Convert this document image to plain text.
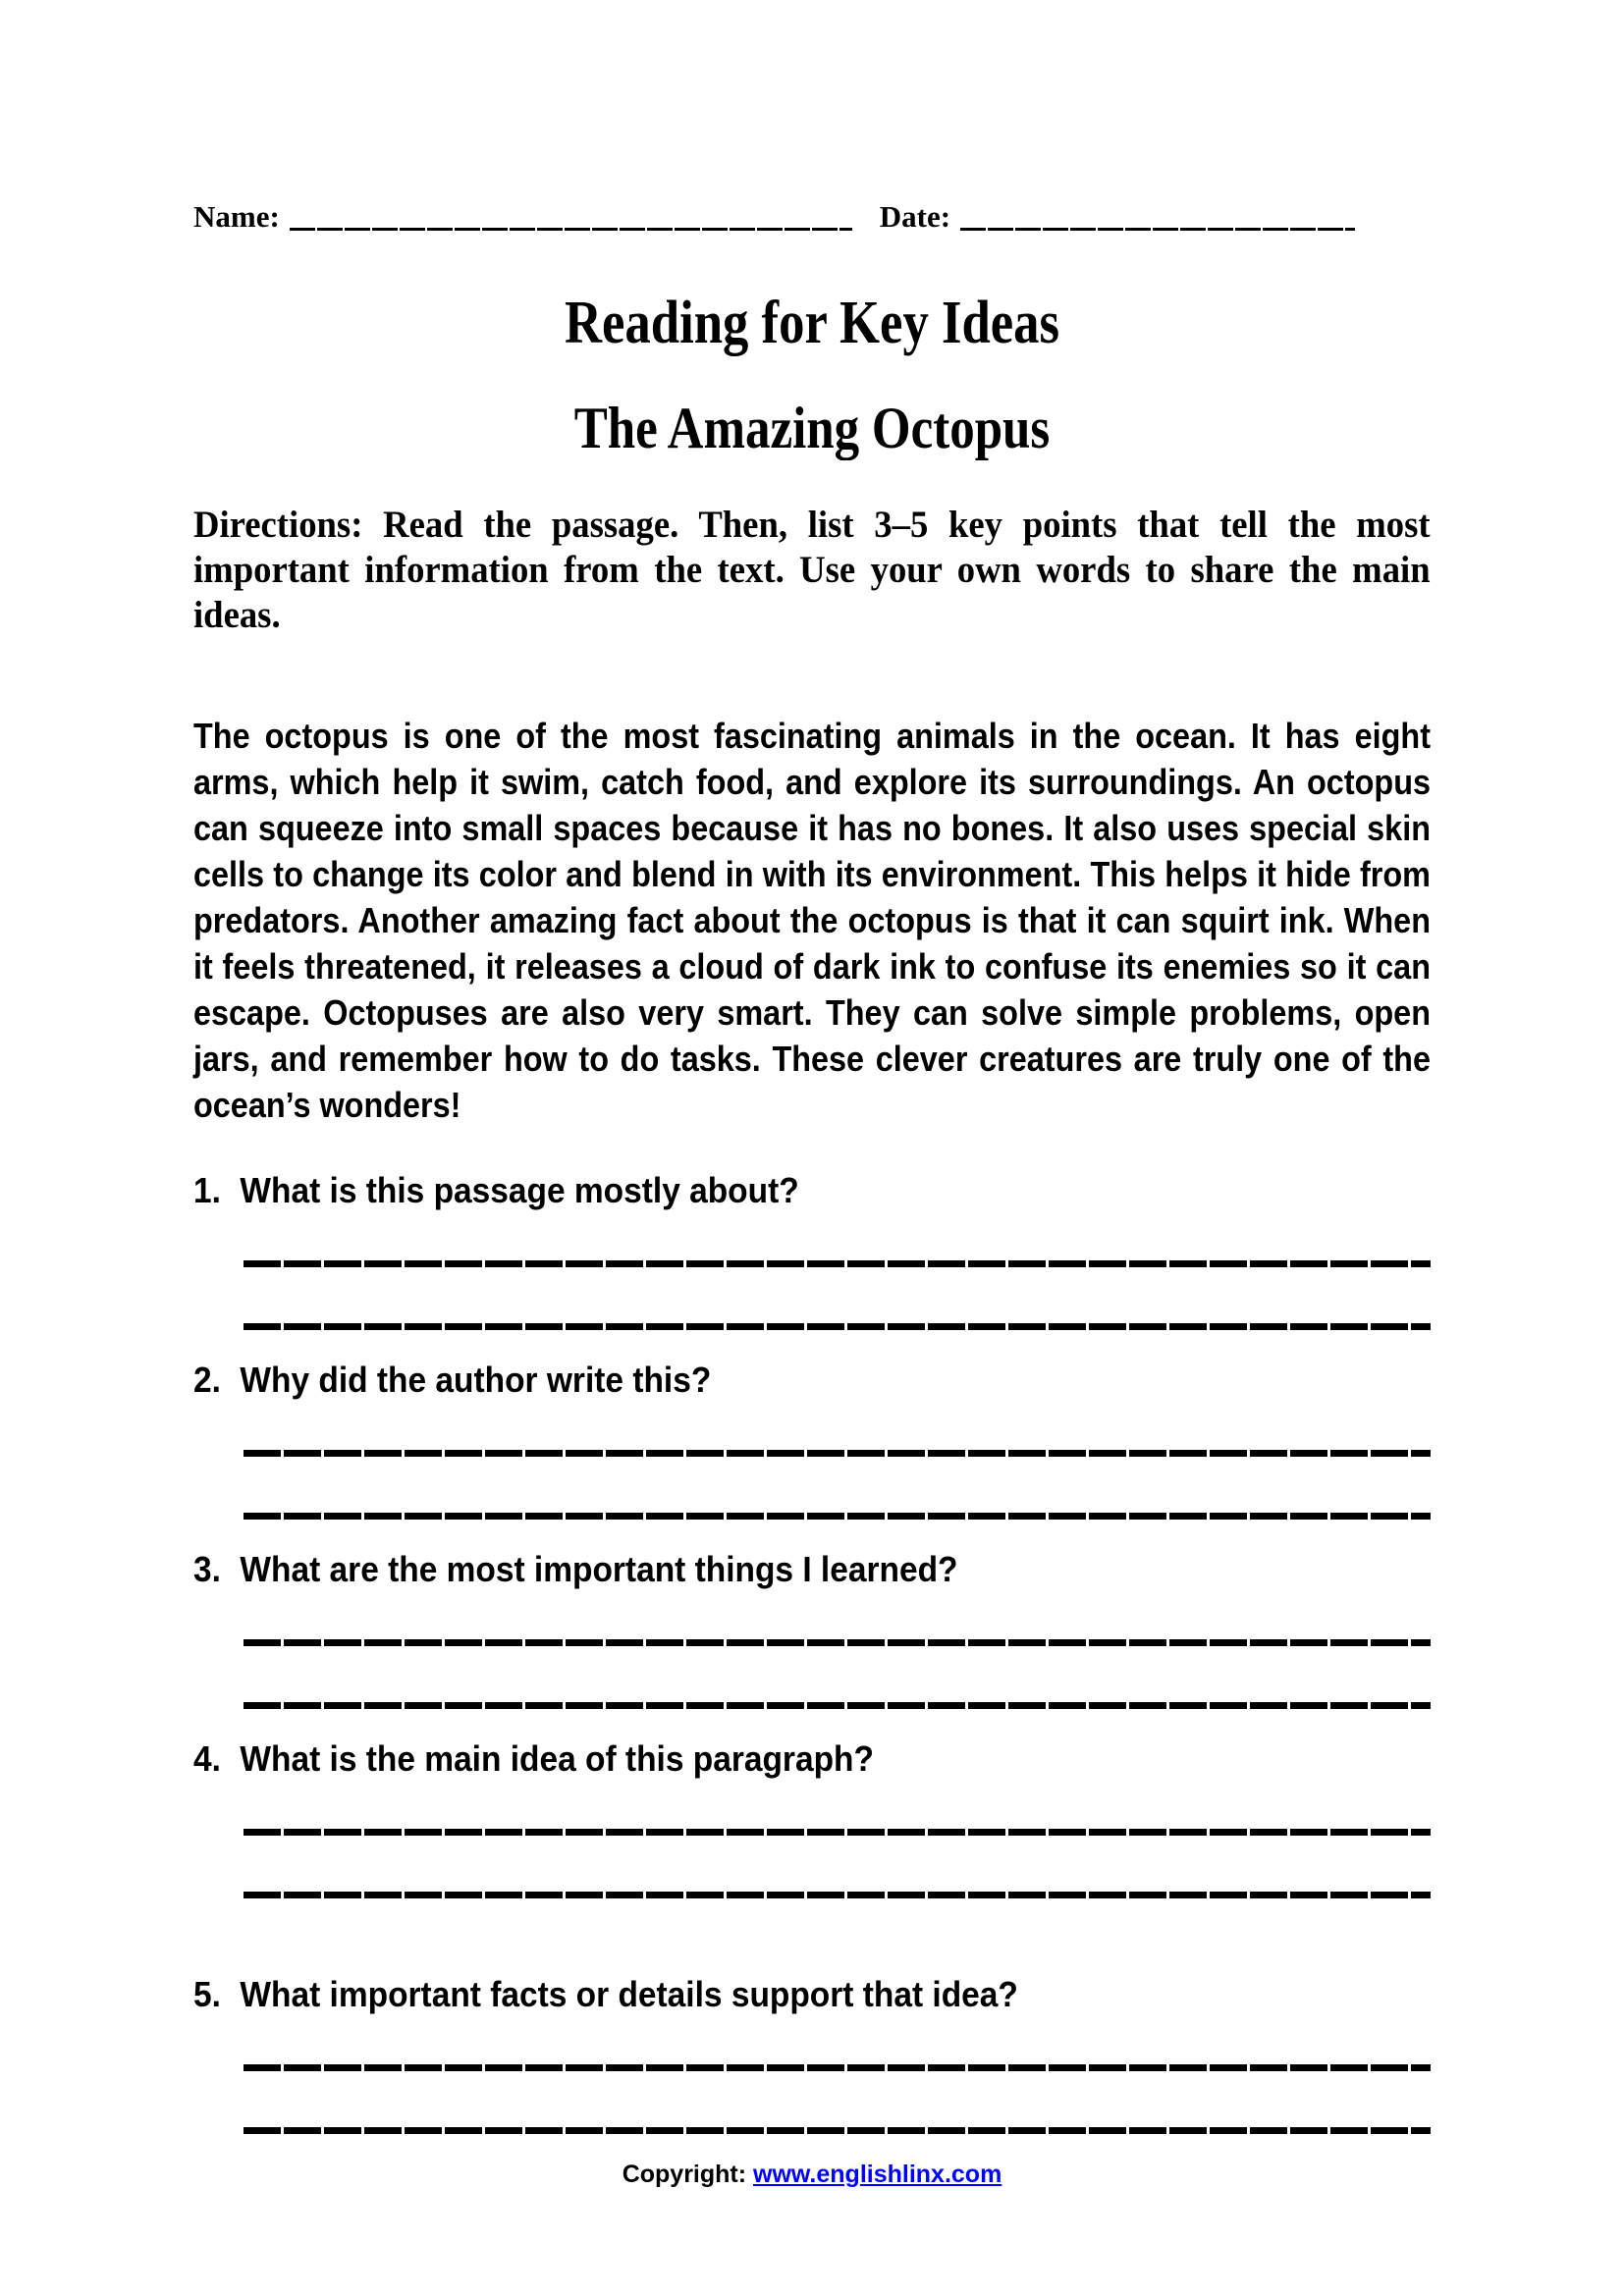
Name:	Date:
Reading for Key Ideas
The Amazing Octopus

Directions: Read the passage. Then, list 3–5 key points that tell the most important information from the text. Use your own words to share the main ideas.

The octopus is one of the most fascinating animals in the ocean. It has eight arms, which help it swim, catch food, and explore its surroundings. An octopus can squeeze into small spaces because it has no bones. It also uses special skin cells to change its color and blend in with its environment. This helps it hide from predators. Another amazing fact about the octopus is that it can squirt ink. When it feels threatened, it releases a cloud of dark ink to confuse its enemies so it can escape. Octopuses are also very smart. They can solve simple problems, open jars, and remember how to do tasks. These clever creatures are truly one of the ocean’s wonders!

1. What is this passage mostly about?
2. Why did the author write this?
3. What are the most important things I learned?
4. What is the main idea of this paragraph?
5. What important facts or details support that idea?
Copyright: www.englishlinx.com
